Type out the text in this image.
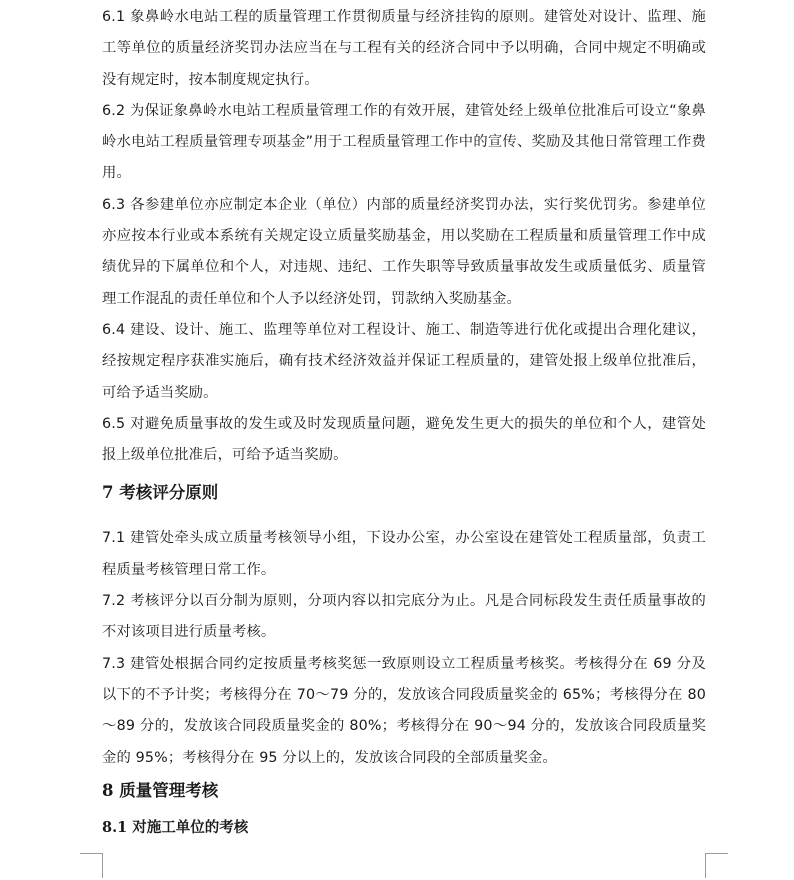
6.1 象鼻岭水电站工程的质量管理工作贯彻质量与经济挂钩的原则。建管处对设计、监理、施工等单位的质量经济奖罚办法应当在与工程有关的经济合同中予以明确，合同中规定不明确或没有规定时，按本制度规定执行。

6.2 为保证象鼻岭水电站工程质量管理工作的有效开展，建管处经上级单位批准后可设立“象鼻岭水电站工程质量管理专项基金”用于工程质量管理工作中的宣传、奖励及其他日常管理工作费用。

6.3 各参建单位亦应制定本企业（单位）内部的质量经济奖罚办法，实行奖优罚劣。参建单位亦应按本行业或本系统有关规定设立质量奖励基金，用以奖励在工程质量和质量管理工作中成绩优异的下属单位和个人，对违规、违纪、工作失职等导致质量事故发生或质量低劣、质量管理工作混乱的责任单位和个人予以经济处罚，罚款纳入奖励基金。

6.4 建设、设计、施工、监理等单位对工程设计、施工、制造等进行优化或提出合理化建议，经按规定程序获准实施后，确有技术经济效益并保证工程质量的，建管处报上级单位批准后，可给予适当奖励。

6.5 对避免质量事故的发生或及时发现质量问题，避免发生更大的损失的单位和个人，建管处报上级单位批准后，可给予适当奖励。

7 考核评分原则

7.1 建管处牵头成立质量考核领导小组，下设办公室，办公室设在建管处工程质量部，负责工程质量考核管理日常工作。

7.2 考核评分以百分制为原则，分项内容以扣完底分为止。凡是合同标段发生责任质量事故的不对该项目进行质量考核。

7.3 建管处根据合同约定按质量考核奖惩一致原则设立工程质量考核奖。考核得分在 69 分及以下的不予计奖；考核得分在 70～79 分的，发放该合同段质量奖金的 65%；考核得分在 80～89 分的，发放该合同段质量奖金的 80%；考核得分在 90～94 分的，发放该合同段质量奖金的 95%；考核得分在 95 分以上的，发放该合同段的全部质量奖金。

8 质量管理考核
8.1 对施工单位的考核
